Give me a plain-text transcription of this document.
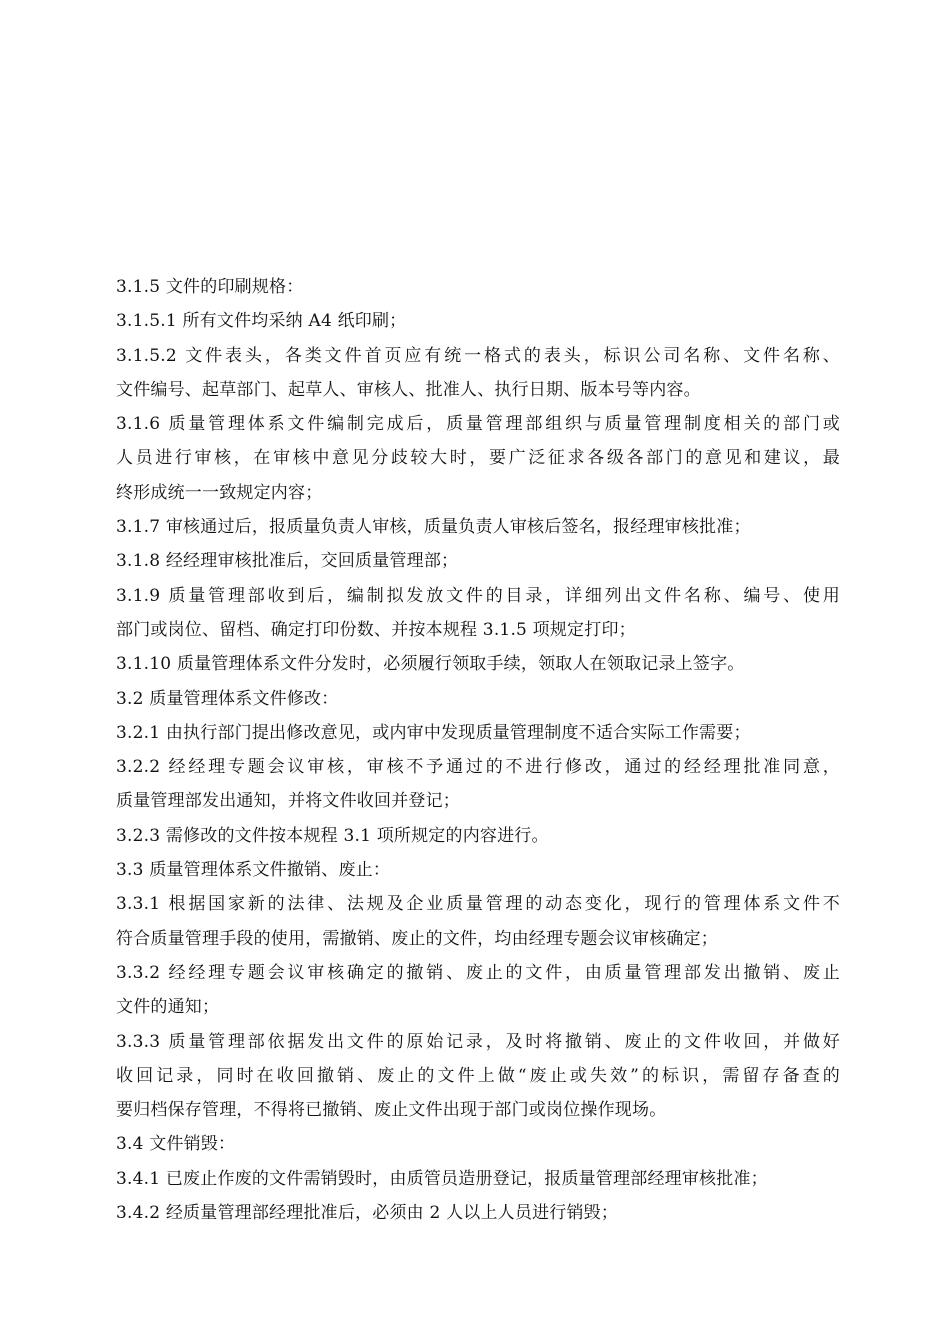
3.1.5 文件的印刷规格：
3.1.5.1 所有文件均采纳 A4 纸印刷；
3.1.5.2 文件表头，各类文件首页应有统一格式的表头，标识公司名称、文件名称、
文件编号、起草部门、起草人、审核人、批准人、执行日期、版本号等内容。
3.1.6 质量管理体系文件编制完成后，质量管理部组织与质量管理制度相关的部门或
人员进行审核，在审核中意见分歧较大时，要广泛征求各级各部门的意见和建议，最
终形成统一一致规定内容；
3.1.7 审核通过后，报质量负责人审核，质量负责人审核后签名，报经理审核批准；
3.1.8 经经理审核批准后，交回质量管理部；
3.1.9 质量管理部收到后，编制拟发放文件的目录，详细列出文件名称、编号、使用
部门或岗位、留档、确定打印份数、并按本规程 3.1.5 项规定打印；
3.1.10 质量管理体系文件分发时，必须履行领取手续，领取人在领取记录上签字。
3.2 质量管理体系文件修改：
3.2.1 由执行部门提出修改意见，或内审中发现质量管理制度不适合实际工作需要；
3.2.2 经经理专题会议审核，审核不予通过的不进行修改，通过的经经理批准同意，
质量管理部发出通知，并将文件收回并登记；
3.2.3 需修改的文件按本规程 3.1 项所规定的内容进行。
3.3 质量管理体系文件撤销、废止：
3.3.1 根据国家新的法律、法规及企业质量管理的动态变化，现行的管理体系文件不
符合质量管理手段的使用，需撤销、废止的文件，均由经理专题会议审核确定；
3.3.2 经经理专题会议审核确定的撤销、废止的文件，由质量管理部发出撤销、废止
文件的通知；
3.3.3 质量管理部依据发出文件的原始记录，及时将撤销、废止的文件收回，并做好
收回记录，同时在收回撤销、废止的文件上做“废止或失效”的标识，需留存备查的
要归档保存管理，不得将已撤销、废止文件出现于部门或岗位操作现场。
3.4 文件销毁：
3.4.1 已废止作废的文件需销毁时，由质管员造册登记，报质量管理部经理审核批准；
3.4.2 经质量管理部经理批准后，必须由 2 人以上人员进行销毁；
